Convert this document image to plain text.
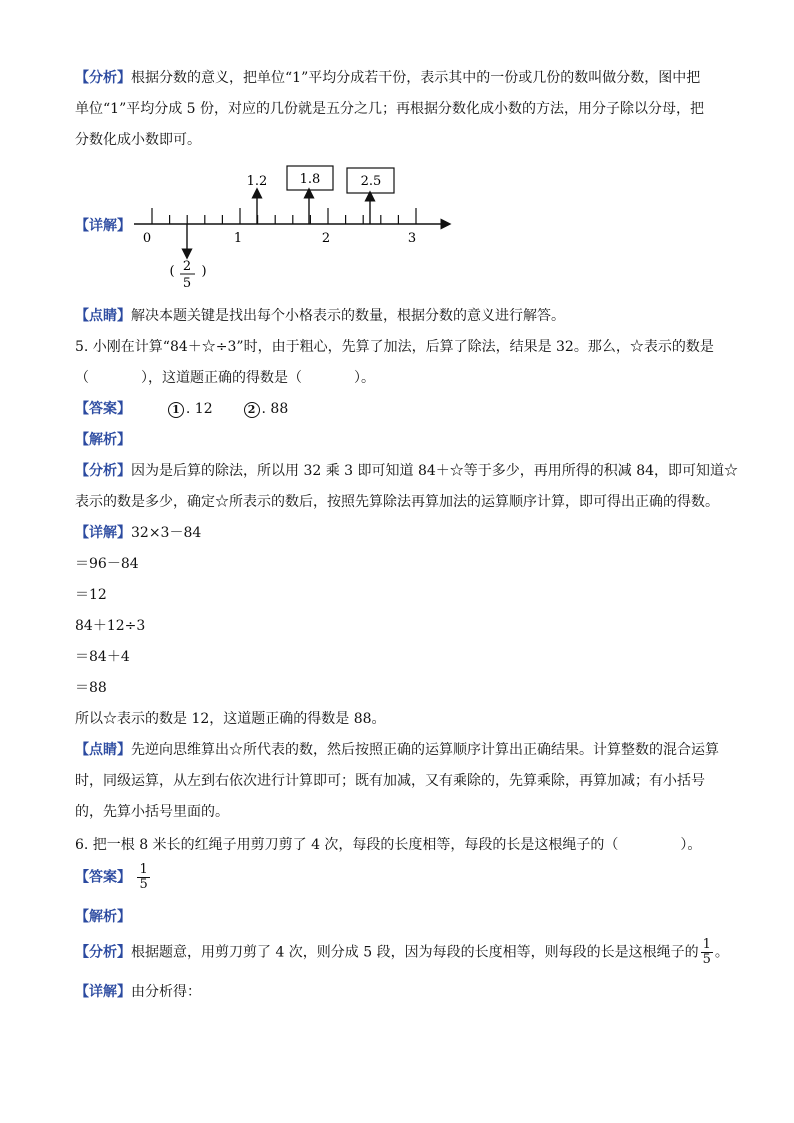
【分析】根据分数的意义，把单位“1”平均分成若干份，表示其中的一份或几份的数叫做分数，图中把
单位“1”平均分成 5 份，对应的几份就是五分之几；再根据分数化成小数的方法，用分子除以分母，把
分数化成小数即可。
【详解】
0	1	2	3
1.2 1.8	2.5
( 2
5
)
【点睛】解决本题关键是找出每个小格表示的数量，根据分数的意义进行解答。
5. 小刚在计算“84＋☆÷3”时，由于粗心，先算了加法，后算了除法，结果是 32。那么，☆表示的数是
（	），这道题正确的得数是（	）。
【答案】	1 . 12	2 . 88
【解析】
【分析】因为是后算的除法，所以用 32 乘 3 即可知道 84＋☆等于多少，再用所得的积减 84，即可知道☆
表示的数是多少，确定☆所表示的数后，按照先算除法再算加法的运算顺序计算，即可得出正确的得数。
【详解】32×3－84
＝96－84
＝12
84＋12÷3
＝84＋4
＝88
所以☆表示的数是 12，这道题正确的得数是 88。
【点睛】先逆向思维算出☆所代表的数，然后按照正确的运算顺序计算出正确结果。计算整数的混合运算
时，同级运算，从左到右依次进行计算即可；既有加减，又有乘除的，先算乘除，再算加减；有小括号
的，先算小括号里面的。
6. 把一根 8 米长的红绳子用剪刀剪了 4 次，每段的长度相等，每段的长是这根绳子的（	）。
【答案】 $\frac{1}{5}$
【解析】
【分析】根据题意，用剪刀剪了 4 次，则分成 5 段，因为每段的长度相等，则每段的长是这根绳子的 $\frac{1}{5}$ 。
【详解】由分析得：
